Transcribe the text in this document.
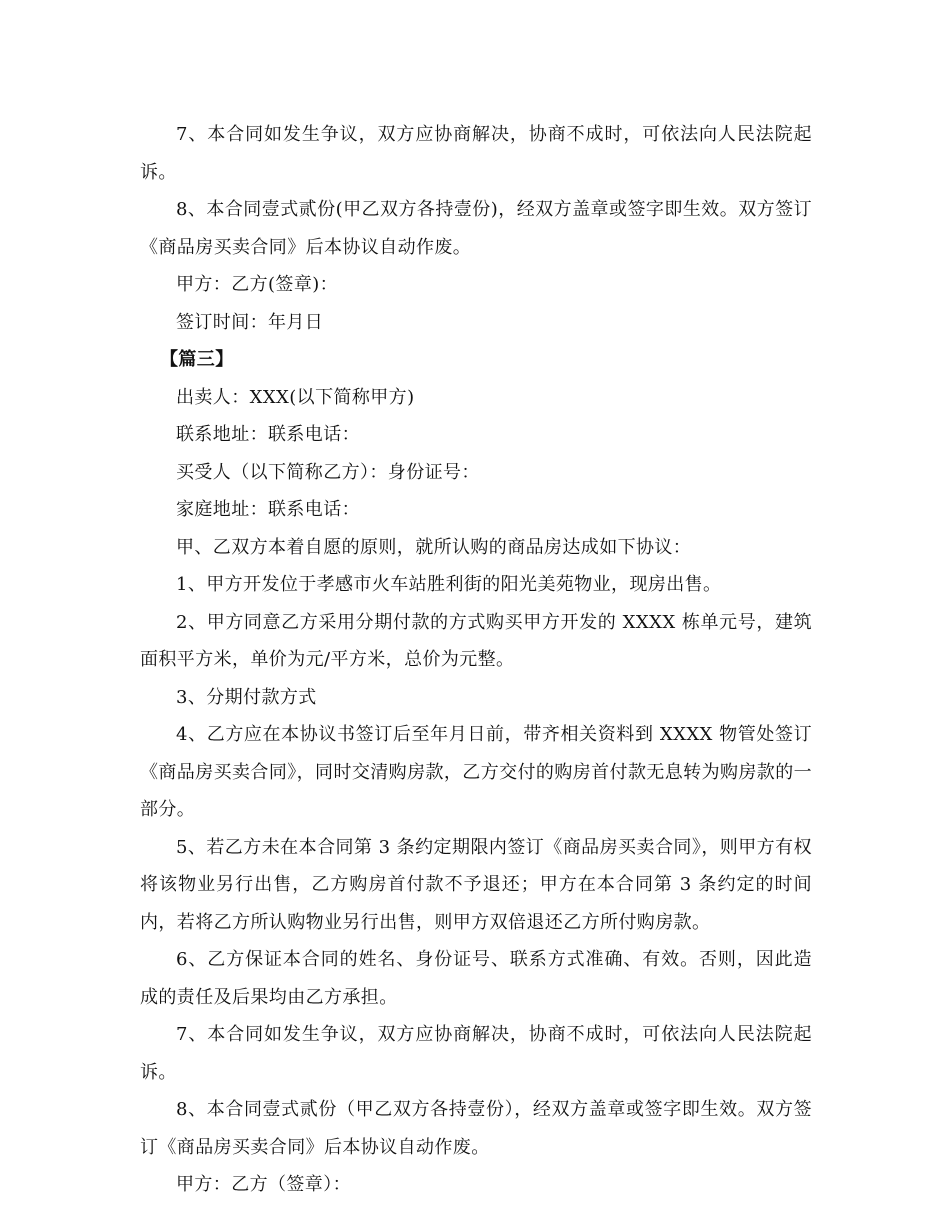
7、本合同如发生争议，双方应协商解决，协商不成时，可依法向人民法院起诉。

8、本合同壹式贰份(甲乙双方各持壹份)，经双方盖章或签字即生效。双方签订《商品房买卖合同》后本协议自动作废。

甲方：乙方(签章)：

签订时间：年月日

【篇三】

出卖人：XXX(以下简称甲方)

联系地址：联系电话：

买受人（以下简称乙方）：身份证号：

家庭地址：联系电话：

甲、乙双方本着自愿的原则，就所认购的商品房达成如下协议：

1、甲方开发位于孝感市火车站胜利街的阳光美苑物业，现房出售。

2、甲方同意乙方采用分期付款的方式购买甲方开发的 XXXX 栋单元号，建筑面积平方米，单价为元/平方米，总价为元整。

3、分期付款方式

4、乙方应在本协议书签订后至年月日前，带齐相关资料到 XXXX 物管处签订《商品房买卖合同》，同时交清购房款，乙方交付的购房首付款无息转为购房款的一部分。

5、若乙方未在本合同第 3 条约定期限内签订《商品房买卖合同》，则甲方有权将该物业另行出售，乙方购房首付款不予退还；甲方在本合同第 3 条约定的时间内，若将乙方所认购物业另行出售，则甲方双倍退还乙方所付购房款。

6、乙方保证本合同的姓名、身份证号、联系方式准确、有效。否则，因此造成的责任及后果均由乙方承担。

7、本合同如发生争议，双方应协商解决，协商不成时，可依法向人民法院起诉。

8、本合同壹式贰份（甲乙双方各持壹份），经双方盖章或签字即生效。双方签订《商品房买卖合同》后本协议自动作废。

甲方：乙方（签章）：
